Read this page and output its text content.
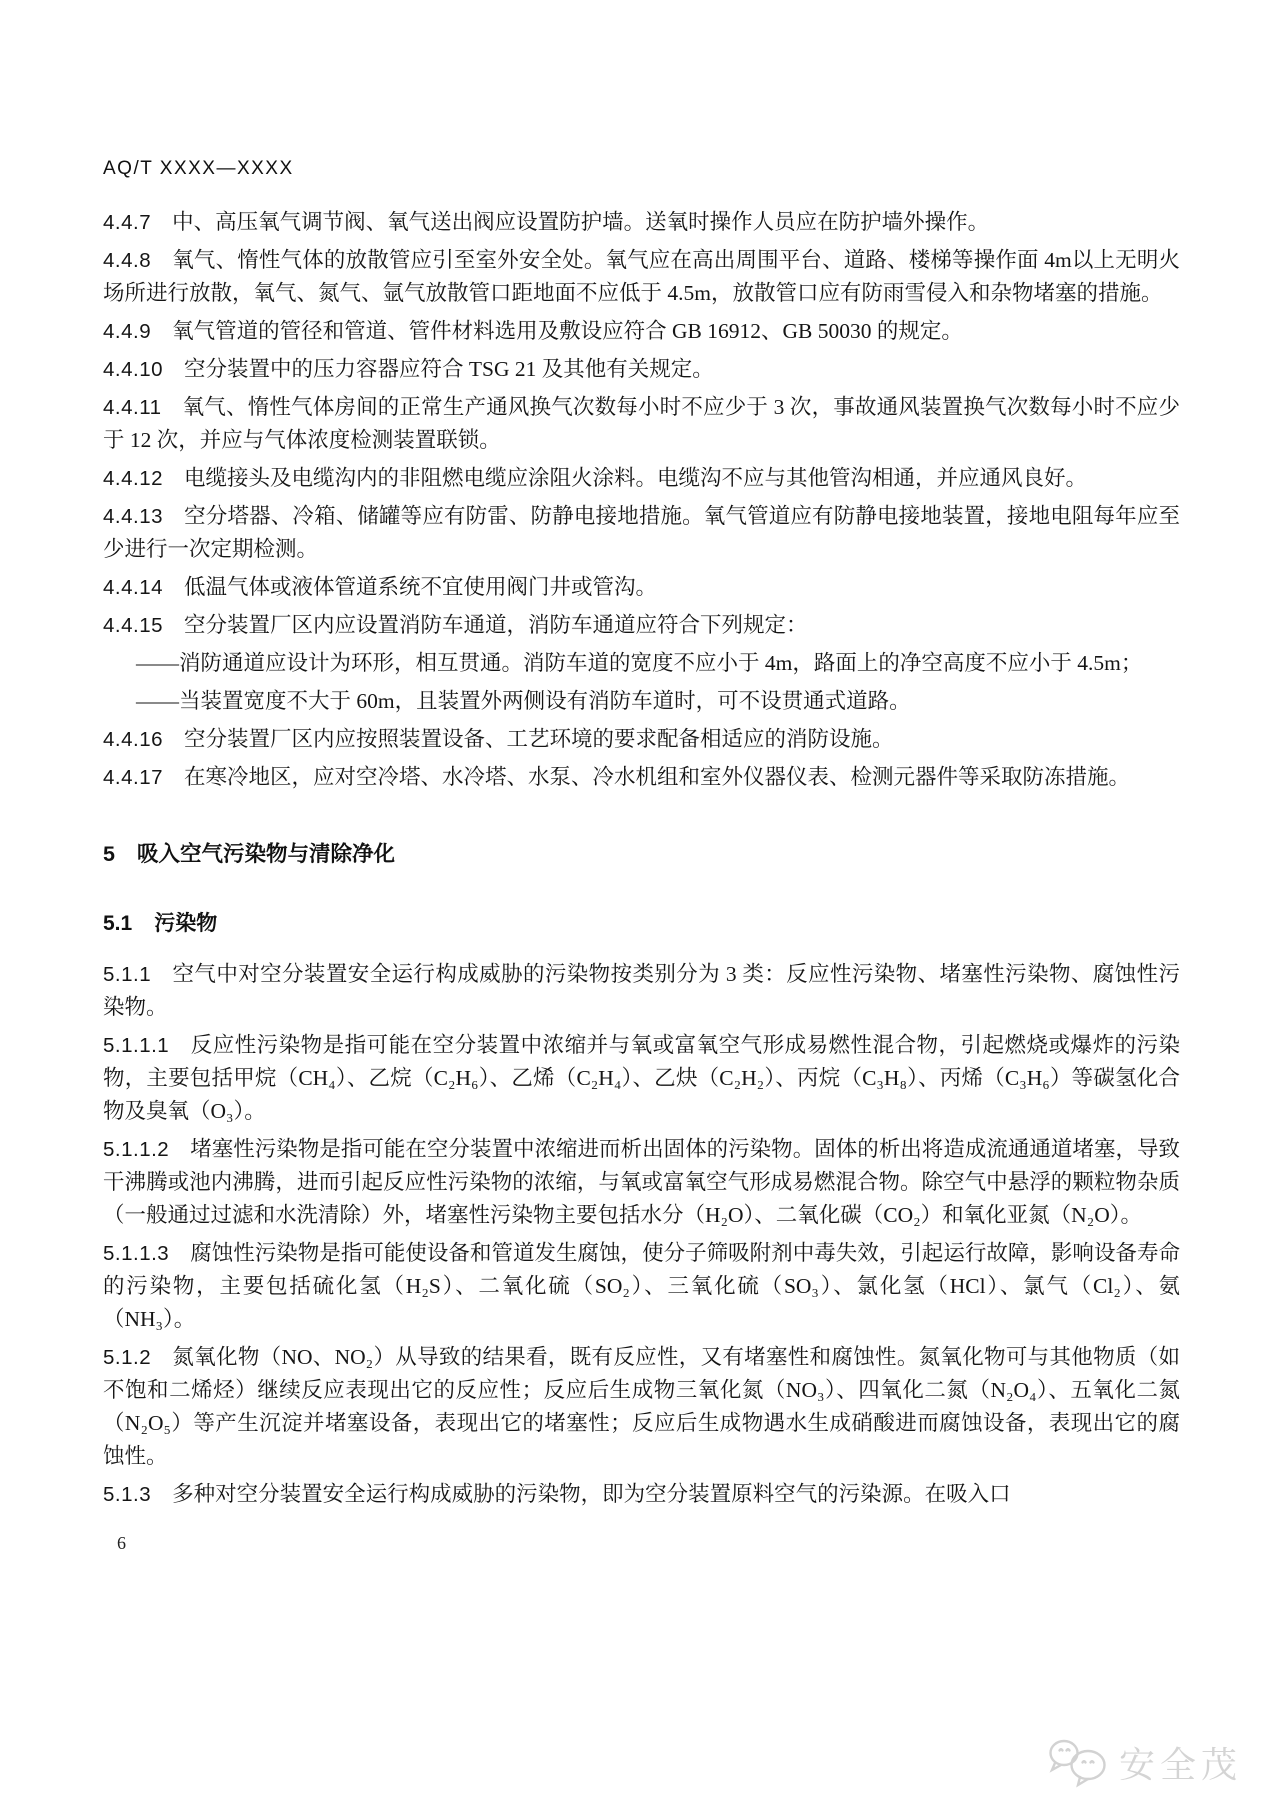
AQ/T XXXX—XXXX

4.4.7 中、高压氧气调节阀、氧气送出阀应设置防护墙。送氧时操作人员应在防护墙外操作。

4.4.8 氧气、惰性气体的放散管应引至室外安全处。氧气应在高出周围平台、道路、楼梯等操作面 4m以上无明火场所进行放散，氧气、氮气、氩气放散管口距地面不应低于 4.5m，放散管口应有防雨雪侵入和杂物堵塞的措施。

4.4.9 氧气管道的管径和管道、管件材料选用及敷设应符合 GB 16912、GB 50030 的规定。

4.4.10 空分装置中的压力容器应符合 TSG 21 及其他有关规定。

4.4.11 氧气、惰性气体房间的正常生产通风换气次数每小时不应少于 3 次，事故通风装置换气次数每小时不应少于 12 次，并应与气体浓度检测装置联锁。

4.4.12 电缆接头及电缆沟内的非阻燃电缆应涂阻火涂料。电缆沟不应与其他管沟相通，并应通风良好。

4.4.13 空分塔器、冷箱、储罐等应有防雷、防静电接地措施。氧气管道应有防静电接地装置，接地电阻每年应至少进行一次定期检测。

4.4.14 低温气体或液体管道系统不宜使用阀门井或管沟。

4.4.15 空分装置厂区内应设置消防车通道，消防车通道应符合下列规定：

——消防通道应设计为环形，相互贯通。消防车道的宽度不应小于 4m，路面上的净空高度不应小于 4.5m；

——当装置宽度不大于 60m，且装置外两侧设有消防车道时，可不设贯通式道路。

4.4.16 空分装置厂区内应按照装置设备、工艺环境的要求配备相适应的消防设施。

4.4.17 在寒冷地区，应对空冷塔、水冷塔、水泵、冷水机组和室外仪器仪表、检测元器件等采取防冻措施。

5 吸入空气污染物与清除净化
5.1 污染物

5.1.1 空气中对空分装置安全运行构成威胁的污染物按类别分为 3 类：反应性污染物、堵塞性污染物、腐蚀性污染物。

5.1.1.1 反应性污染物是指可能在空分装置中浓缩并与氧或富氧空气形成易燃性混合物，引起燃烧或爆炸的污染物，主要包括甲烷（CH₄）、乙烷（C₂H₆）、乙烯（C₂H₄）、乙炔（C₂H₂）、丙烷（C₃H₈）、丙烯（C₃H₆）等碳氢化合物及臭氧（O₃）。

5.1.1.2 堵塞性污染物是指可能在空分装置中浓缩进而析出固体的污染物。固体的析出将造成流通通道堵塞，导致干沸腾或池内沸腾，进而引起反应性污染物的浓缩，与氧或富氧空气形成易燃混合物。除空气中悬浮的颗粒物杂质（一般通过过滤和水洗清除）外，堵塞性污染物主要包括水分（H₂O）、二氧化碳（CO₂）和氧化亚氮（N₂O）。

5.1.1.3 腐蚀性污染物是指可能使设备和管道发生腐蚀，使分子筛吸附剂中毒失效，引起运行故障，影响设备寿命的污染物，主要包括硫化氢（H₂S）、二氧化硫（SO₂）、三氧化硫（SO₃）、氯化氢（HCl）、氯气（Cl₂）、氨（NH₃）。

5.1.2 氮氧化物（NO、NO₂）从导致的结果看，既有反应性，又有堵塞性和腐蚀性。氮氧化物可与其他物质（如不饱和二烯烃）继续反应表现出它的反应性；反应后生成物三氧化氮（NO₃）、四氧化二氮（N₂O₄）、五氧化二氮（N₂O₅）等产生沉淀并堵塞设备，表现出它的堵塞性；反应后生成物遇水生成硝酸进而腐蚀设备，表现出它的腐蚀性。

5.1.3 多种对空分装置安全运行构成威胁的污染物，即为空分装置原料空气的污染源。在吸入口

6
安全茂
